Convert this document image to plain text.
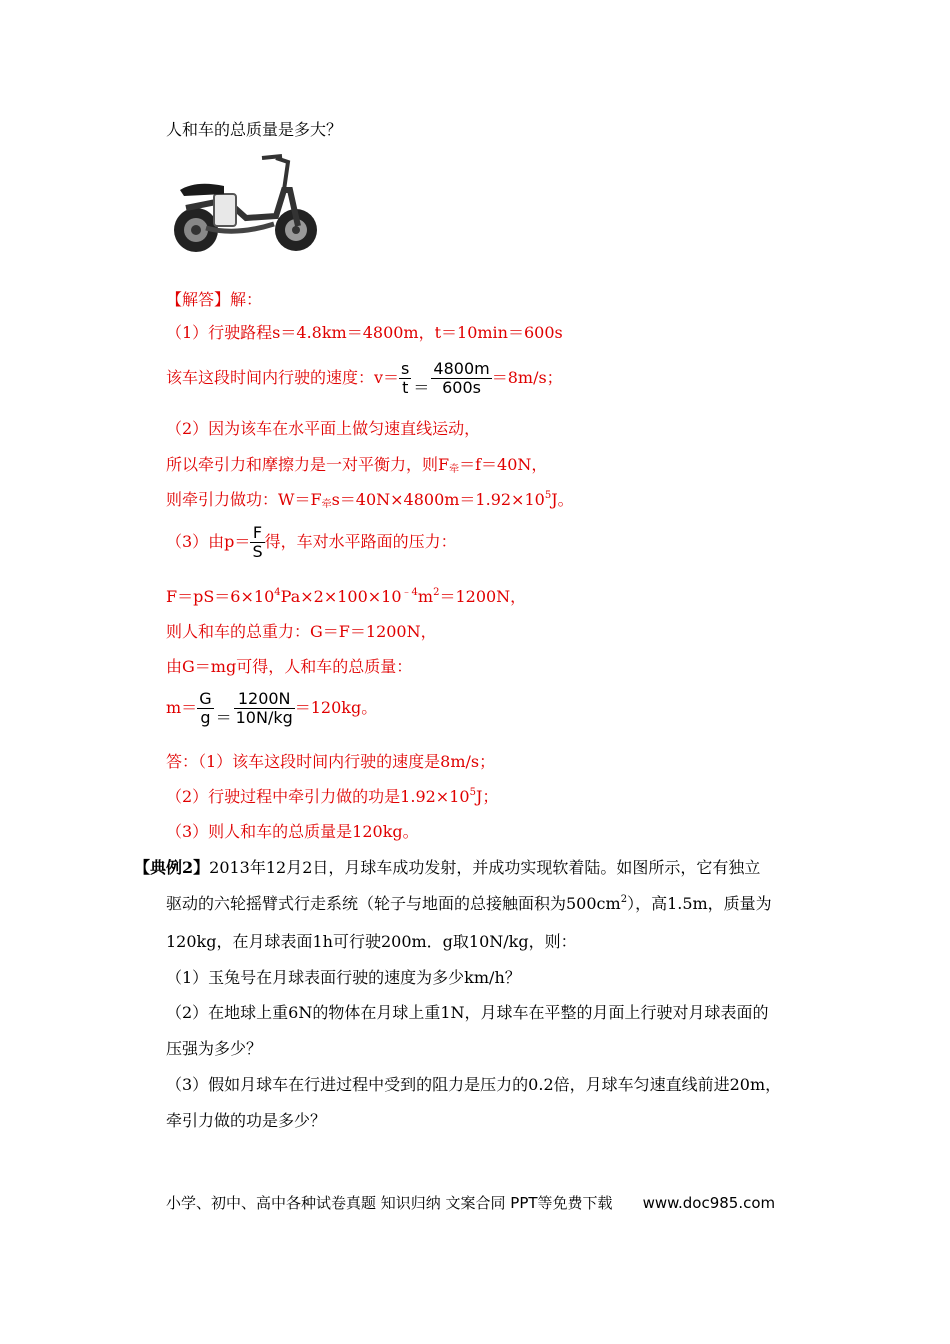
人和车的总质量是多大？
【解答】解：
（1）行驶路程s＝4.8km＝4800m，t＝10min＝600s
该车这段时间内行驶的速度：$v= \frac{s}{t} = \frac{4800m}{600s} =8m/s$；
（2）因为该车在水平面上做匀速直线运动，
所以牵引力和摩擦力是一对平衡力，则$F_牵=f=40N$，
则牵引力做功：$W=F_牵s=40N\times 4800m=1.92\times 10^5J$。
（3）由$p= \frac{F}{S}$ 得，车对水平路面的压力：
$F=pS=6\times 10^4Pa\times 2\times 100\times 10^{﹣4}m^2=1200N$，
则人和车的总重力：G＝F＝1200N，
由G＝mg可得，人和车的总质量：
$m= \frac{G}{g} = \frac{1200N}{10N/kg} =120kg$。
答：（1）该车这段时间内行驶的速度是8m/s；
（2）行驶过程中牵引力做的功是$1.92\times 10^5J$；
（3）则人和车的总质量是120kg。
【典例2】2013年12月2日，月球车成功发射，并成功实现软着陆。如图所示，它有独立
驱动的六轮摇臂式行走系统（轮子与地面的总接触面积为$500cm^2$），高1.5m，质量为
120kg，在月球表面1h可行驶200m．g取10N/kg，则：
（1）玉兔号在月球表面行驶的速度为多少km/h？
（2）在地球上重6N的物体在月球上重1N，月球车在平整的月面上行驶对月球表面的
压强为多少？
（3）假如月球车在行进过程中受到的阻力是压力的0.2倍，月球车匀速直线前进20m，
牵引力做的功是多少？
小学、初中、高中各种试卷真题 知识归纳 文案合同 PPT等免费下载 www.doc985.com
